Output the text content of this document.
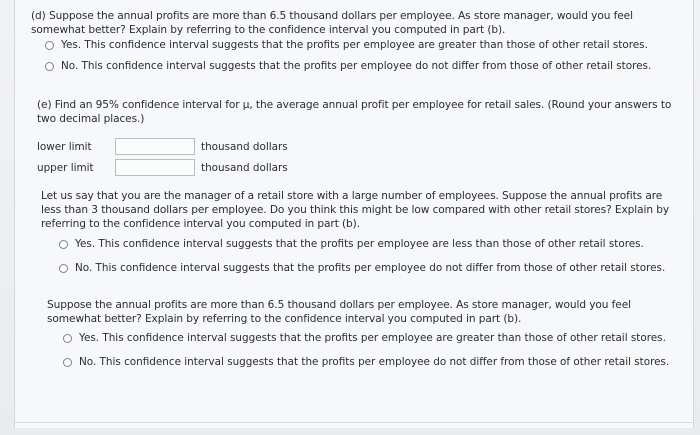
(d) Suppose the annual profits are more than 6.5 thousand dollars per employee. As store manager, would you feel somewhat better? Explain by referring to the confidence interval you computed in part (b).
Yes. This confidence interval suggests that the profits per employee are greater than those of other retail stores.
No. This confidence interval suggests that the profits per employee do not differ from those of other retail stores.
(e) Find an 95% confidence interval for μ, the average annual profit per employee for retail sales. (Round your answers to two decimal places.)
lower limit	thousand dollars
upper limit	thousand dollars
Let us say that you are the manager of a retail store with a large number of employees. Suppose the annual profits are less than 3 thousand dollars per employee. Do you think this might be low compared with other retail stores? Explain by referring to the confidence interval you computed in part (b).
Yes. This confidence interval suggests that the profits per employee are less than those of other retail stores.
No. This confidence interval suggests that the profits per employee do not differ from those of other retail stores.
Suppose the annual profits are more than 6.5 thousand dollars per employee. As store manager, would you feel somewhat better? Explain by referring to the confidence interval you computed in part (b).
Yes. This confidence interval suggests that the profits per employee are greater than those of other retail stores.
No. This confidence interval suggests that the profits per employee do not differ from those of other retail stores.
